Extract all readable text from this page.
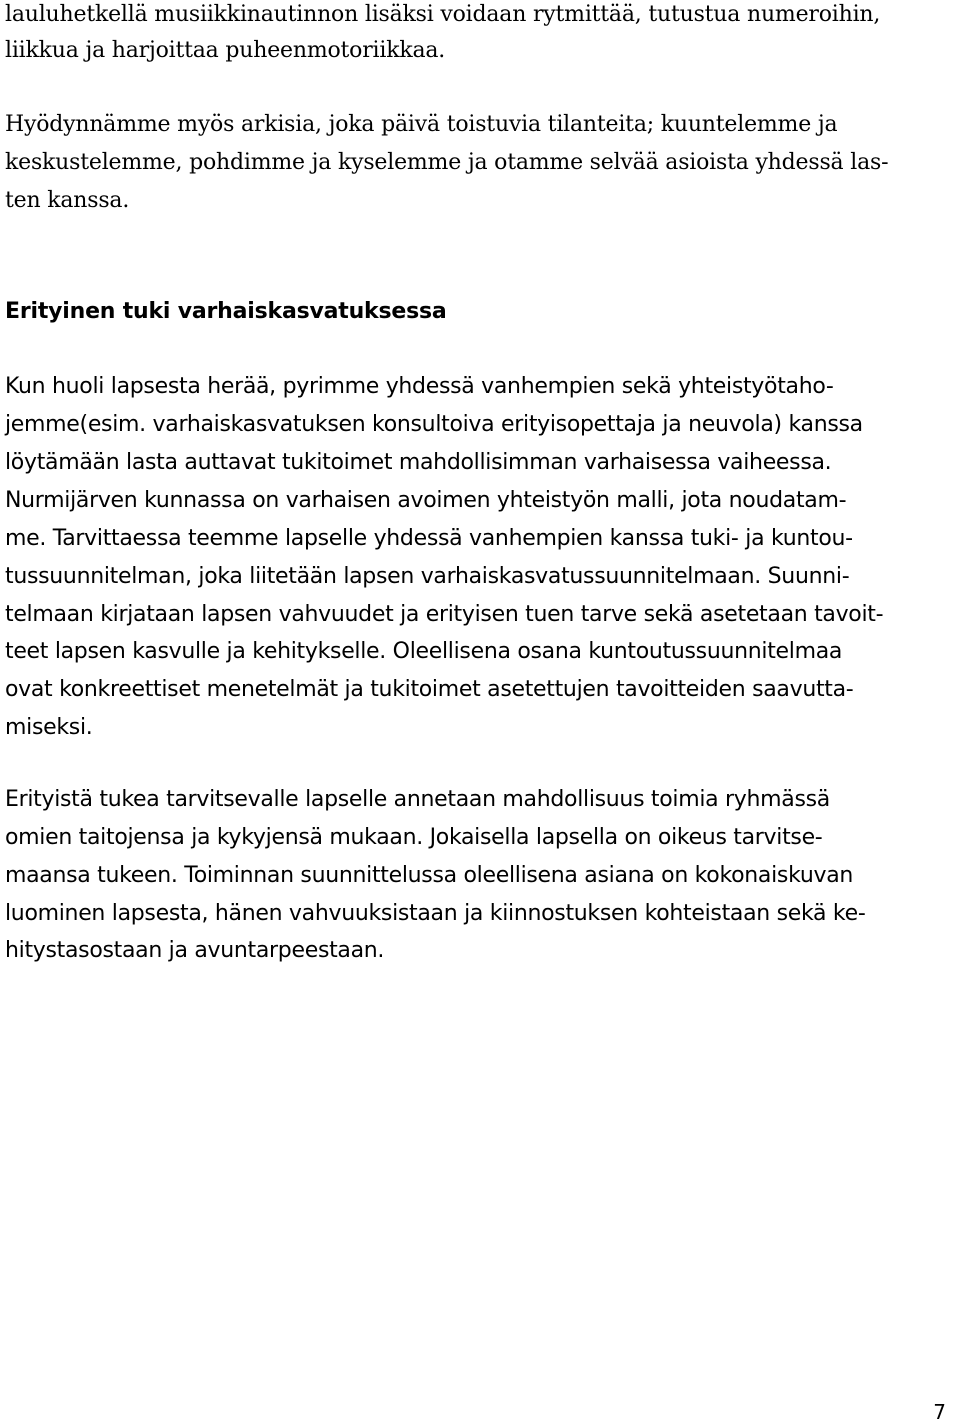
lauluhetkellä musiikkinautinnon lisäksi voidaan rytmittää, tutustua numeroihin,

liikkua ja harjoittaa puheenmotoriikkaa.

Hyödynnämme myös arkisia, joka päivä toistuvia tilanteita; kuuntelemme ja

keskustelemme, pohdimme ja kyselemme ja otamme selvää asioista yhdessä las-

ten kanssa.

Erityinen tuki varhaiskasvatuksessa

Kun huoli lapsesta herää, pyrimme yhdessä vanhempien sekä yhteistyötaho-

jemme(esim. varhaiskasvatuksen konsultoiva erityisopettaja ja neuvola) kanssa

löytämään lasta auttavat tukitoimet mahdollisimman varhaisessa vaiheessa.

Nurmijärven kunnassa on varhaisen avoimen yhteistyön malli, jota noudatam-

me. Tarvittaessa teemme lapselle yhdessä vanhempien kanssa tuki- ja kuntou-

tussuunnitelman, joka liitetään lapsen varhaiskasvatussuunnitelmaan. Suunni-

telmaan kirjataan lapsen vahvuudet ja erityisen tuen tarve sekä asetetaan tavoit-

teet lapsen kasvulle ja kehitykselle. Oleellisena osana kuntoutussuunnitelmaa

ovat konkreettiset menetelmät ja tukitoimet asetettujen tavoitteiden saavutta-

miseksi.

Erityistä tukea tarvitsevalle lapselle annetaan mahdollisuus toimia ryhmässä

omien taitojensa ja kykyjensä mukaan. Jokaisella lapsella on oikeus tarvitse-

maansa tukeen. Toiminnan suunnittelussa oleellisena asiana on kokonaiskuvan

luominen lapsesta, hänen vahvuuksistaan ja kiinnostuksen kohteistaan sekä ke-

hitystasostaan ja avuntarpeestaan.

7
